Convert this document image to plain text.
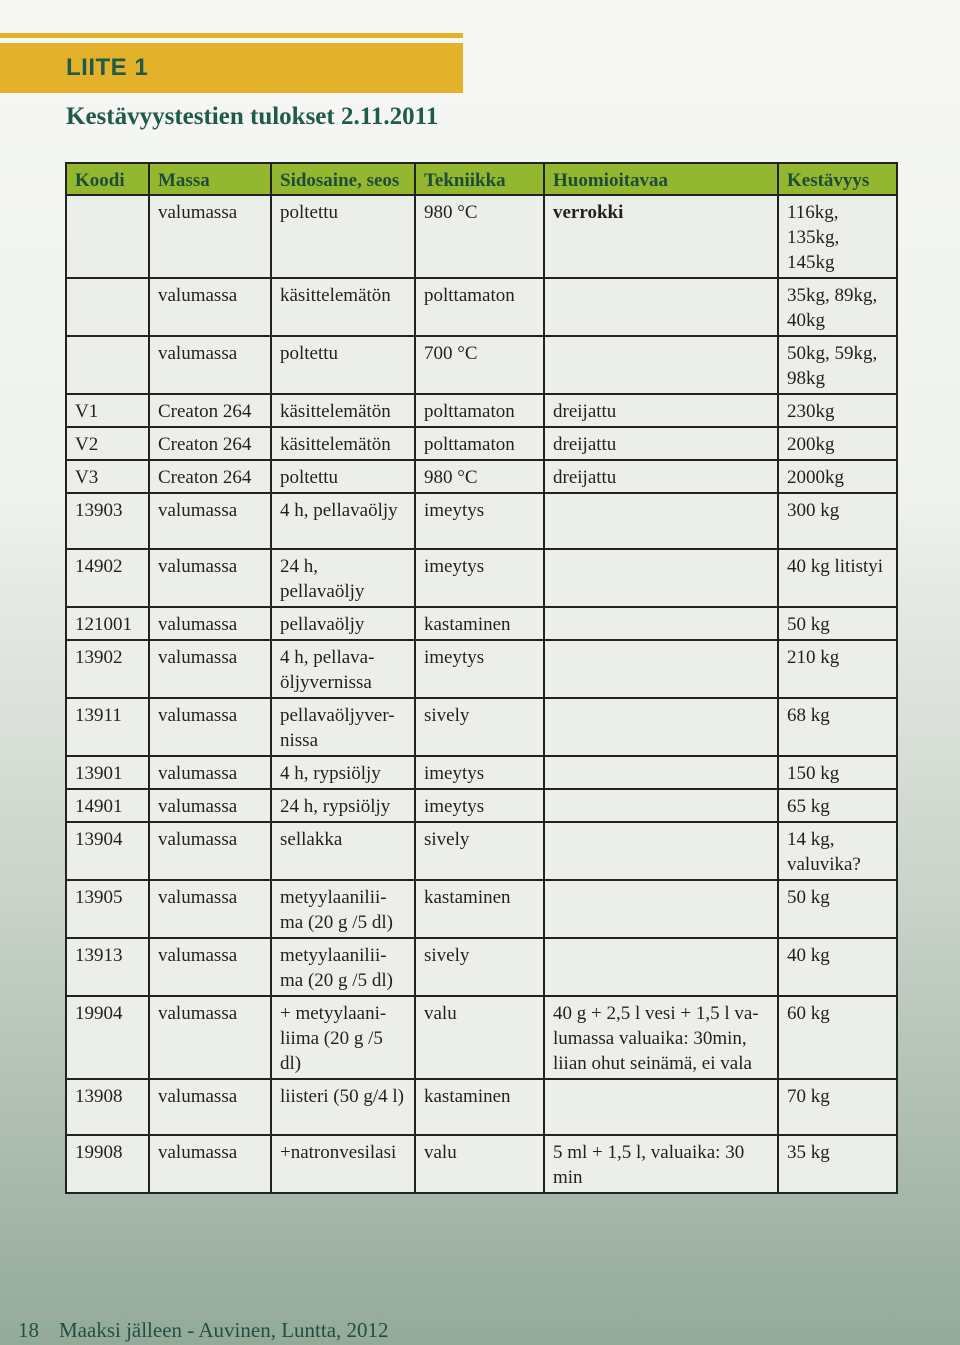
LIITE 1
Kestävyystestien tulokset 2.11.2011
Koodi	Massa	Sidosaine, seos	Tekniikka	Huomioitavaa	Kestävyys
	valumassa	poltettu	980 °C	verrokki	116kg, 135kg, 145kg
	valumassa	käsittelemätön	polttamaton		35kg, 89kg, 40kg
	valumassa	poltettu	700 °C		50kg, 59kg, 98kg
V1	Creaton 264	käsittelemätön	polttamaton	dreijattu	230kg
V2	Creaton 264	käsittelemätön	polttamaton	dreijattu	200kg
V3	Creaton 264	poltettu	980 °C	dreijattu	2000kg
13903	valumassa	4 h, pellavaöljy	imeytys		300 kg
14902	valumassa	24 h, pellavaöljy	imeytys		40 kg litistyi
121001	valumassa	pellavaöljy	kastaminen		50 kg
13902	valumassa	4 h, pellava-öljyvernissa	imeytys		210 kg
13911	valumassa	pellavaöljyver-nissa	sively		68 kg
13901	valumassa	4 h, rypsiöljy	imeytys		150 kg
14901	valumassa	24 h, rypsiöljy	imeytys		65 kg
13904	valumassa	sellakka	sively		14 kg, valuvika?
13905	valumassa	metyylaanilii-ma (20 g /5 dl)	kastaminen		50 kg
13913	valumassa	metyylaanilii-ma (20 g /5 dl)	sively		40 kg
19904	valumassa	+ metyylaani-liima (20 g /5 dl)	valu	40 g + 2,5 l vesi + 1,5 l va-lumassa valuaika: 30min, liian ohut seinämä, ei vala	60 kg
13908	valumassa	liisteri (50 g/4 l)	kastaminen		70 kg
19908	valumassa	+natronvesilasi	valu	5 ml + 1,5 l, valuaika: 30 min	35 kg
18 Maaksi jälleen - Auvinen, Luntta, 2012
